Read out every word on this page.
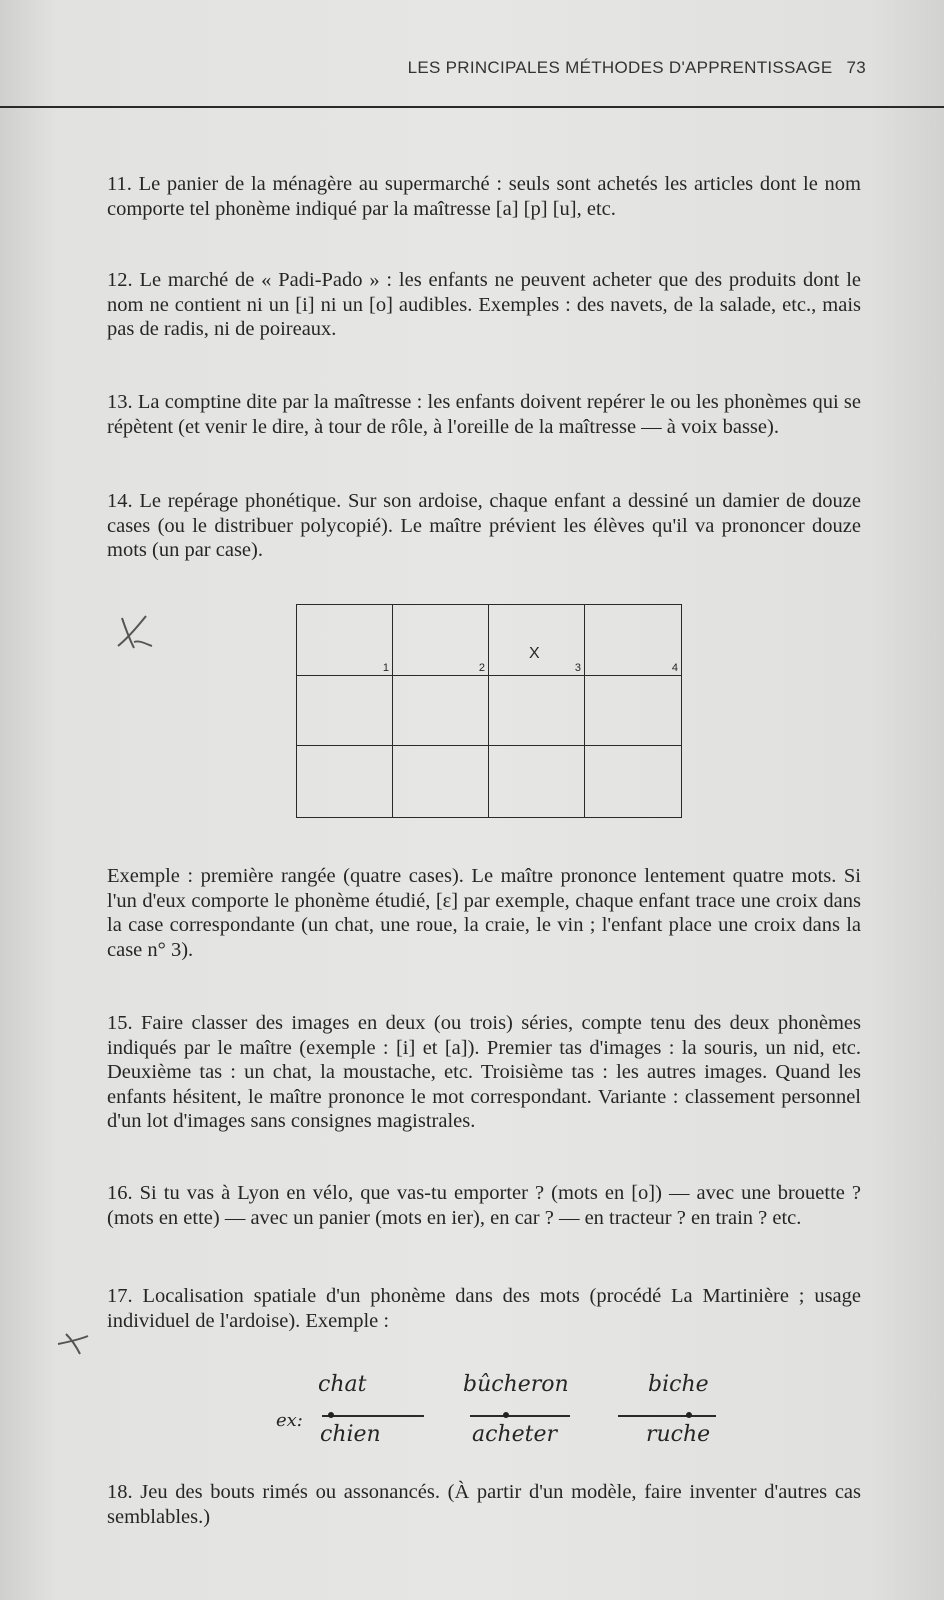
LES PRINCIPALES MÉTHODES D'APPRENTISSAGE 73
11. Le panier de la ménagère au supermarché : seuls sont achetés les articles dont le nom comporte tel phonème indiqué par la maîtresse [a] [p] [u], etc.
12. Le marché de « Padi-Pado » : les enfants ne peuvent acheter que des produits dont le nom ne contient ni un [i] ni un [o] audibles. Exemples : des navets, de la salade, etc., mais pas de radis, ni de poireaux.
13. La comptine dite par la maîtresse : les enfants doivent repérer le ou les phonèmes qui se répètent (et venir le dire, à tour de rôle, à l'oreille de la maîtresse — à voix basse).
14. Le repérage phonétique. Sur son ardoise, chaque enfant a dessiné un damier de douze cases (ou le distribuer polycopié). Le maître prévient les élèves qu'il va prononcer douze mots (un par case).
1	2
X
3	4
Exemple : première rangée (quatre cases). Le maître prononce lentement quatre mots. Si l'un d'eux comporte le phonème étudié, [ɛ] par exemple, chaque enfant trace une croix dans la case correspondante (un chat, une roue, la craie, le vin ; l'enfant place une croix dans la case n° 3).
15. Faire classer des images en deux (ou trois) séries, compte tenu des deux phonèmes indiqués par le maître (exemple : [i] et [a]). Premier tas d'images : la souris, un nid, etc. Deuxième tas : un chat, la moustache, etc. Troisième tas : les autres images. Quand les enfants hésitent, le maître prononce le mot correspondant. Variante : classement personnel d'un lot d'images sans consignes magistrales.
16. Si tu vas à Lyon en vélo, que vas-tu emporter ? (mots en [o]) — avec une brouette ? (mots en ette) — avec un panier (mots en ier), en car ? — en tracteur ? en train ? etc.
17. Localisation spatiale d'un phonème dans des mots (procédé La Martinière ; usage individuel de l'ardoise). Exemple :
ex:
chat
chien
bûcheron
acheter
biche
ruche
18. Jeu des bouts rimés ou assonancés. (À partir d'un modèle, faire inventer d'autres cas semblables.)
